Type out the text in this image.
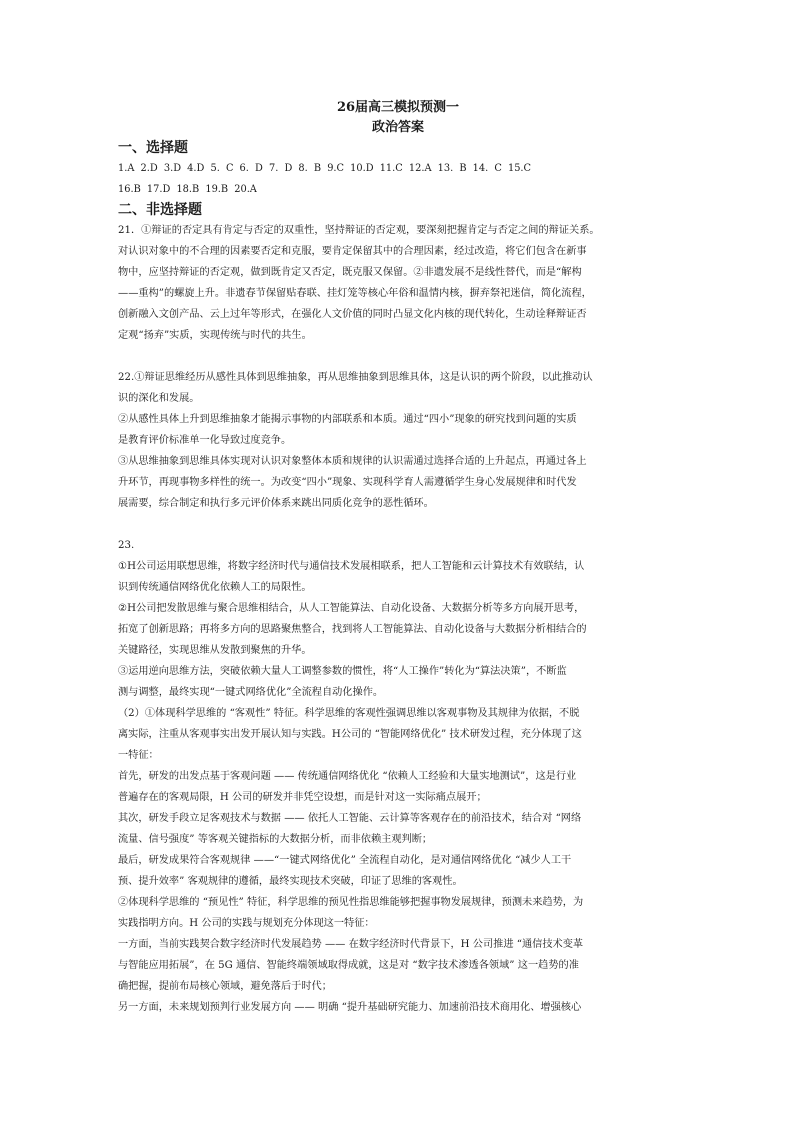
26届高三模拟预测一
政治答案
一、选择题

1.A 2.D 3.D 4.D 5. C 6. D 7. D 8. B 9.C 10.D 11.C 12.A 13. B 14. C 15.C

16.B 17.D 18.B 19.B 20.A

二、非选择题

21．①辩证的否定具有肯定与否定的双重性，坚持辩证的否定观，要深刻把握肯定与否定之间的辩证关系。

对认识对象中的不合理的因素要否定和克服，要肯定保留其中的合理因素，经过改造，将它们包含在新事

物中，应坚持辩证的否定观，做到既肯定又否定，既克服又保留。②非遗发展不是线性替代，而是“解构

——重构”的螺旋上升。非遗春节保留贴春联、挂灯笼等核心年俗和温情内核，摒弃祭祀迷信，简化流程，

创新融入文创产品、云上过年等形式，在强化人文价值的同时凸显文化内核的现代转化，生动诠释辩证否

定观“扬弃”实质，实现传统与时代的共生。

22.①辩证思维经历从感性具体到思维抽象，再从思维抽象到思维具体，这是认识的两个阶段，以此推动认

识的深化和发展。

②从感性具体上升到思维抽象才能揭示事物的内部联系和本质。通过“四小”现象的研究找到问题的实质

是教育评价标准单一化导致过度竞争。

③从思维抽象到思维具体实现对认识对象整体本质和规律的认识需通过选择合适的上升起点，再通过各上

升环节，再现事物多样性的统一。为改变“四小”现象、实现科学育人需遵循学生身心发展规律和时代发

展需要，综合制定和执行多元评价体系来跳出同质化竞争的恶性循环。

23.

①H公司运用联想思维，将数字经济时代与通信技术发展相联系，把人工智能和云计算技术有效联结，认

识到传统通信网络优化依赖人工的局限性。

②H公司把发散思维与聚合思维相结合，从人工智能算法、自动化设备、大数据分析等多方向展开思考，

拓宽了创新思路；再将多方向的思路聚焦整合，找到将人工智能算法、自动化设备与大数据分析相结合的

关键路径，实现思维从发散到聚焦的升华。

③运用逆向思维方法，突破依赖大量人工调整参数的惯性，将“人工操作”转化为“算法决策”，不断监

测与调整，最终实现“一键式网络优化”全流程自动化操作。

（2）①体现科学思维的 “客观性” 特征。科学思维的客观性强调思维以客观事物及其规律为依据，不脱

离实际，注重从客观事实出发开展认知与实践。H公司的 “智能网络优化” 技术研发过程，充分体现了这

一特征：

首先，研发的出发点基于客观问题 —— 传统通信网络优化 “依赖人工经验和大量实地测试”，这是行业

普遍存在的客观局限，H 公司的研发并非凭空设想，而是针对这一实际痛点展开；

其次，研发手段立足客观技术与数据 —— 依托人工智能、云计算等客观存在的前沿技术，结合对 “网络

流量、信号强度” 等客观关键指标的大数据分析，而非依赖主观判断；

最后，研发成果符合客观规律 ——“一键式网络优化” 全流程自动化，是对通信网络优化 “减少人工干

预、提升效率” 客观规律的遵循，最终实现技术突破，印证了思维的客观性。

②体现科学思维的 “预见性” 特征，科学思维的预见性指思维能够把握事物发展规律，预测未来趋势，为

实践指明方向。H 公司的实践与规划充分体现这一特征：

一方面，当前实践契合数字经济时代发展趋势 —— 在数字经济时代背景下，H 公司推进 “通信技术变革

与智能应用拓展”，在 5G 通信、智能终端领域取得成就，这是对 “数字技术渗透各领域” 这一趋势的准

确把握，提前布局核心领域，避免落后于时代；

另一方面，未来规划预判行业发展方向 —— 明确 “提升基础研究能力、加速前沿技术商用化、增强核心
